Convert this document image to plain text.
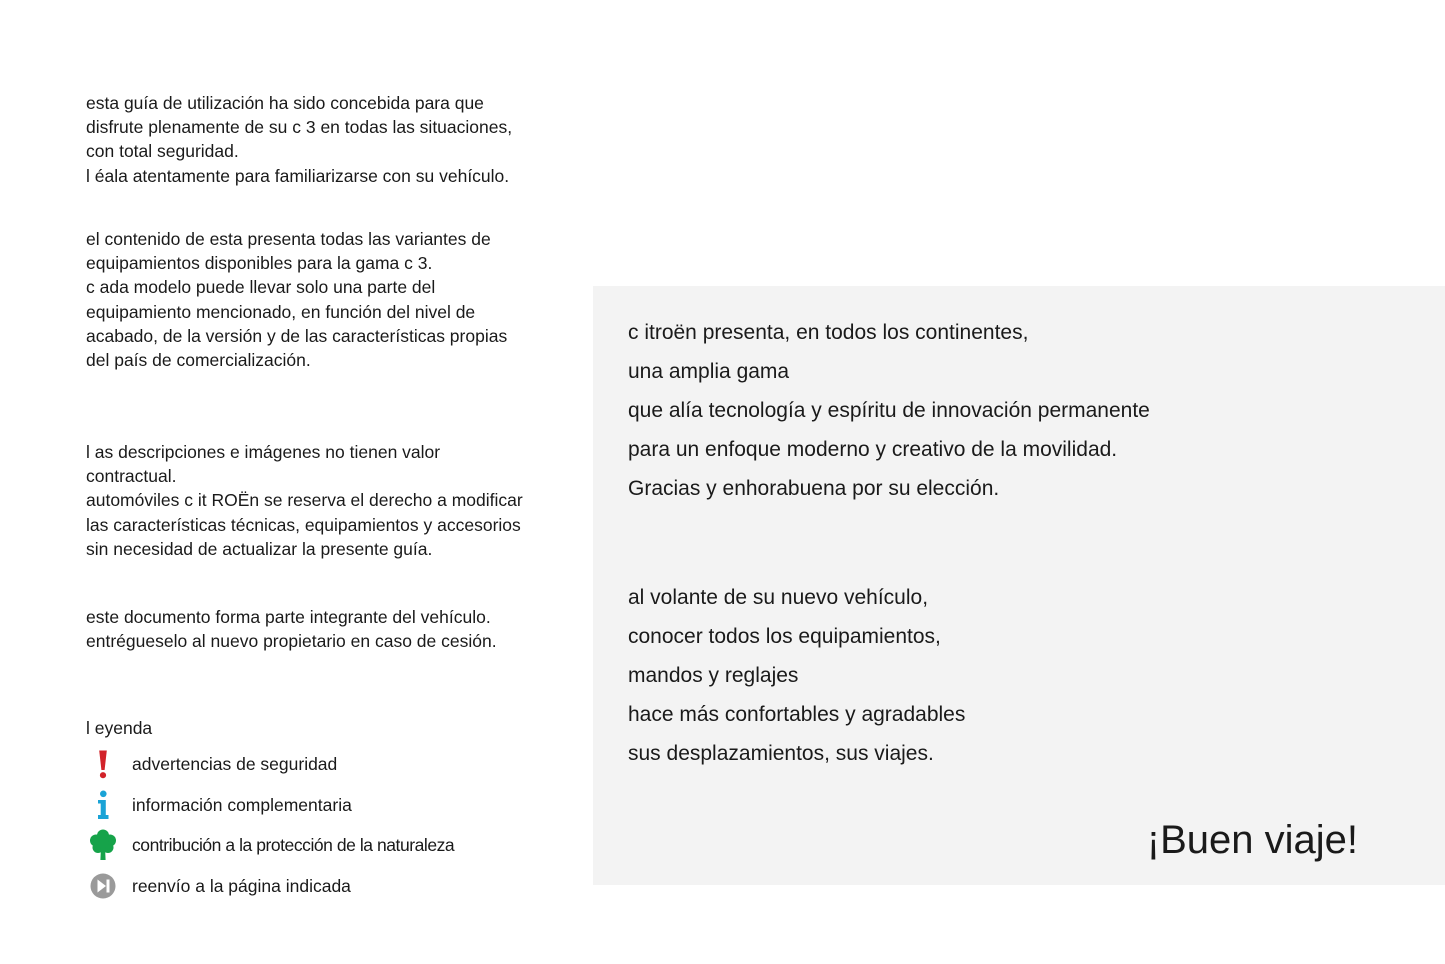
esta guía de utilización ha sido concebida para que
disfrute plenamente de su c 3 en todas las situaciones,
con total seguridad.
l éala atentamente para familiarizarse con su vehículo.
el contenido de esta presenta todas las variantes de
equipamientos disponibles para la gama c 3.
c ada modelo puede llevar solo una parte del
equipamiento mencionado, en función del nivel de
acabado, de la versión y de las características propias
del país de comercialización.
l as descripciones e imágenes no tienen valor
contractual.
automóviles c it ROËn se reserva el derecho a modificar
las características técnicas, equipamientos y accesorios
sin necesidad de actualizar la presente guía.
este documento forma parte integrante del vehículo.
entrégueselo al nuevo propietario en caso de cesión.
l eyenda
advertencias de seguridad
información complementaria
contribución a la protección de la naturaleza
reenvío a la página indicada
c itroën presenta, en todos los continentes,
una amplia gama
que alía tecnología y espíritu de innovación permanente
para un enfoque moderno y creativo de la movilidad.
Gracias y enhorabuena por su elección.
al volante de su nuevo vehículo,
conocer todos los equipamientos,
mandos y reglajes
hace más confortables y agradables
sus desplazamientos, sus viajes.
¡Buen viaje!
